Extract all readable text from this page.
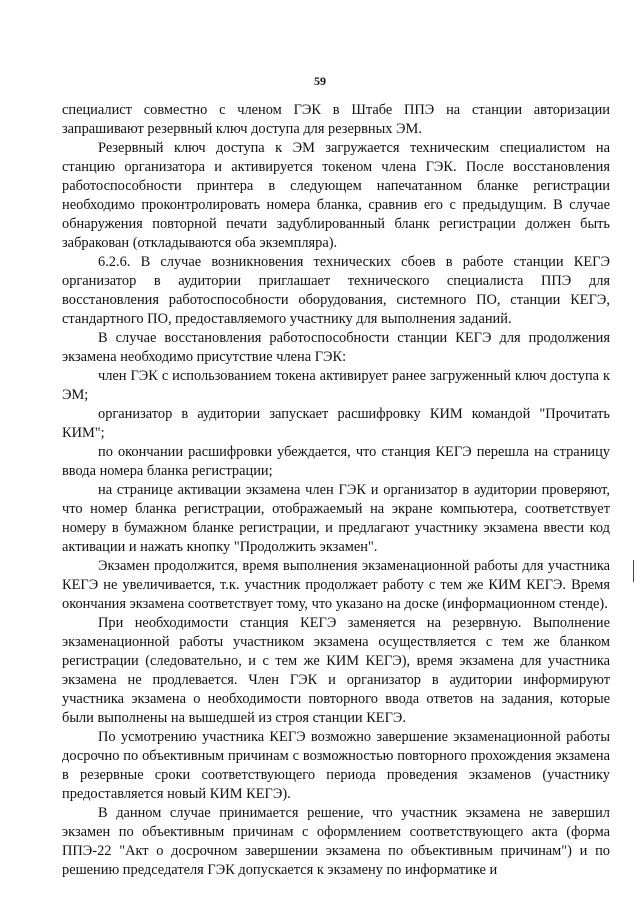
59

специалист совместно с членом ГЭК в Штабе ППЭ на станции авторизации запрашивают резервный ключ доступа для резервных ЭМ.

Резервный ключ доступа к ЭМ загружается техническим специалистом на станцию организатора и активируется токеном члена ГЭК. После восстановления работоспособности принтера в следующем напечатанном бланке регистрации необходимо проконтролировать номера бланка, сравнив его с предыдущим. В случае обнаружения повторной печати задублированный бланк регистрации должен быть забракован (откладываются оба экземпляра).

6.2.6. В случае возникновения технических сбоев в работе станции КЕГЭ организатор в аудитории приглашает технического специалиста ППЭ для восстановления работоспособности оборудования, системного ПО, станции КЕГЭ, стандартного ПО, предоставляемого участнику для выполнения заданий.

В случае восстановления работоспособности станции КЕГЭ для продолжения экзамена необходимо присутствие члена ГЭК:

член ГЭК с использованием токена активирует ранее загруженный ключ доступа к ЭМ;

организатор в аудитории запускает расшифровку КИМ командой "Прочитать КИМ";

по окончании расшифровки убеждается, что станция КЕГЭ перешла на страницу ввода номера бланка регистрации;

на странице активации экзамена член ГЭК и организатор в аудитории проверяют, что номер бланка регистрации, отображаемый на экране компьютера, соответствует номеру в бумажном бланке регистрации, и предлагают участнику экзамена ввести код активации и нажать кнопку "Продолжить экзамен".

Экзамен продолжится, время выполнения экзаменационной работы для участника КЕГЭ не увеличивается, т.к. участник продолжает работу с тем же КИМ КЕГЭ. Время окончания экзамена соответствует тому, что указано на доске (информационном стенде).

При необходимости станция КЕГЭ заменяется на резервную. Выполнение экзаменационной работы участником экзамена осуществляется с тем же бланком регистрации (следовательно, и с тем же КИМ КЕГЭ), время экзамена для участника экзамена не продлевается. Член ГЭК и организатор в аудитории информируют участника экзамена о необходимости повторного ввода ответов на задания, которые были выполнены на вышедшей из строя станции КЕГЭ.

По усмотрению участника КЕГЭ возможно завершение экзаменационной работы досрочно по объективным причинам с возможностью повторного прохождения экзамена в резервные сроки соответствующего периода проведения экзаменов (участнику предоставляется новый КИМ КЕГЭ).

В данном случае принимается решение, что участник экзамена не завершил экзамен по объективным причинам с оформлением соответствующего акта (форма ППЭ-22 "Акт о досрочном завершении экзамена по объективным причинам") и по решению председателя ГЭК допускается к экзамену по информатике и
